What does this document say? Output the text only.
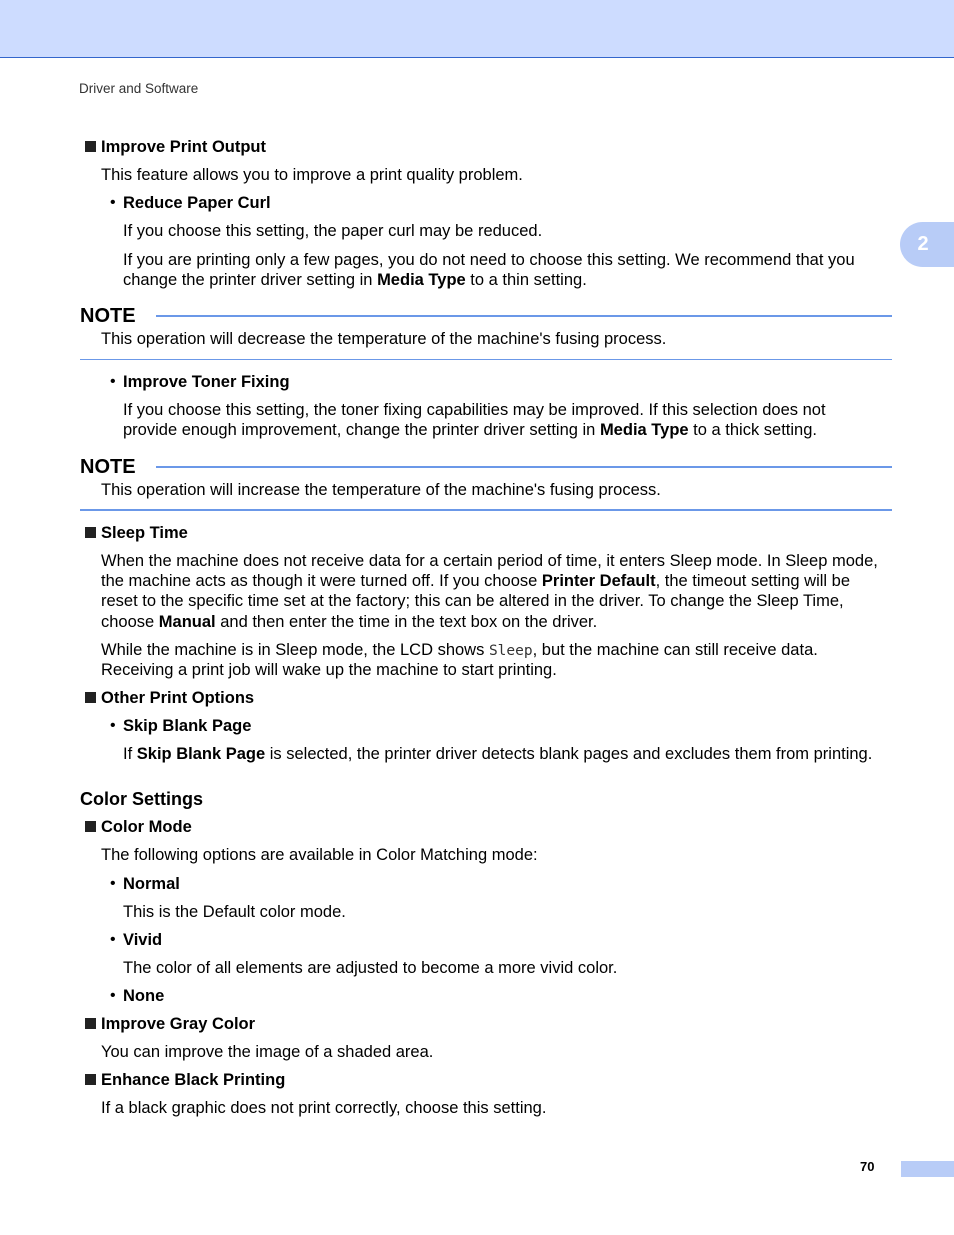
Driver and Software
2
Improve Print Output
This feature allows you to improve a print quality problem.
• Reduce Paper Curl
If you choose this setting, the paper curl may be reduced.
If you are printing only a few pages, you do not need to choose this setting. We recommend that you
change the printer driver setting in Media Type to a thin setting.
NOTE
This operation will decrease the temperature of the machine's fusing process.
• Improve Toner Fixing
If you choose this setting, the toner fixing capabilities may be improved. If this selection does not
provide enough improvement, change the printer driver setting in Media Type to a thick setting.
NOTE
This operation will increase the temperature of the machine's fusing process.
Sleep Time
When the machine does not receive data for a certain period of time, it enters Sleep mode. In Sleep mode,
the machine acts as though it were turned off. If you choose Printer Default, the timeout setting will be
reset to the specific time set at the factory; this can be altered in the driver. To change the Sleep Time,
choose Manual and then enter the time in the text box on the driver.
While the machine is in Sleep mode, the LCD shows Sleep, but the machine can still receive data.
Receiving a print job will wake up the machine to start printing.
Other Print Options
• Skip Blank Page
If Skip Blank Page is selected, the printer driver detects blank pages and excludes them from printing.
Color Settings
Color Mode
The following options are available in Color Matching mode:
• Normal
This is the Default color mode.
• Vivid
The color of all elements are adjusted to become a more vivid color.
• None
Improve Gray Color
You can improve the image of a shaded area.
Enhance Black Printing
If a black graphic does not print correctly, choose this setting.
70
